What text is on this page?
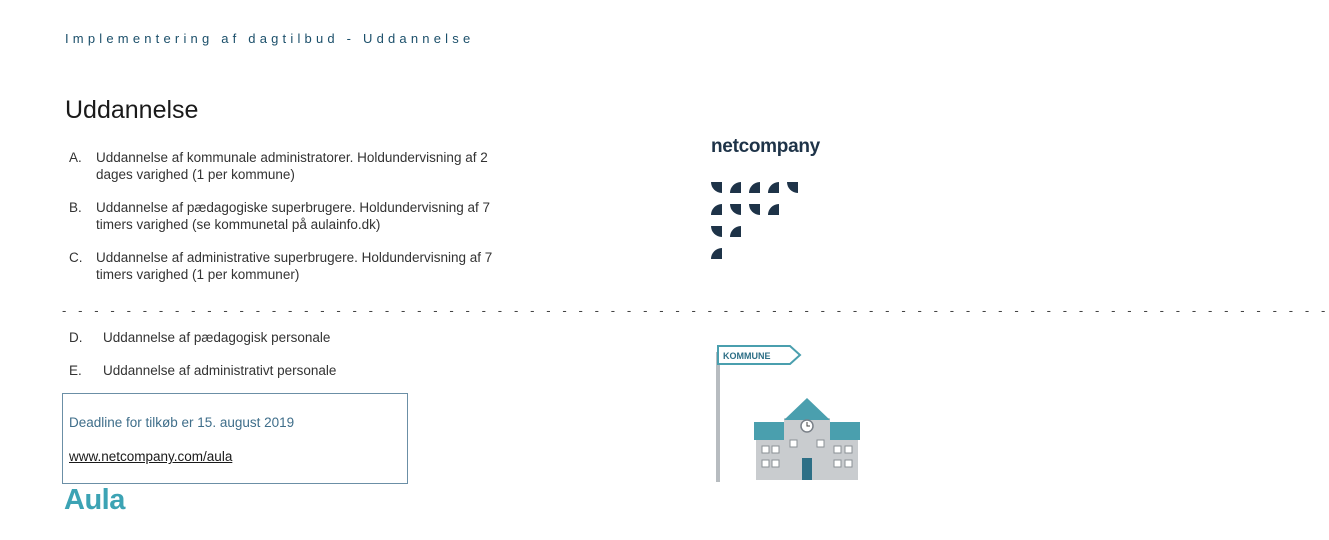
Implementering af dagtilbud - Uddannelse
Uddannelse
A. Uddannelse af kommunale administratorer. Holdundervisning af 2
dages varighed (1 per kommune)
B. Uddannelse af pædagogiske superbrugere. Holdundervisning af 7
timers varighed (se kommunetal på aulainfo.dk)
C. Uddannelse af administrative superbrugere. Holdundervisning af 7
timers varighed (1 per kommuner)
- - - - - - - - - - - - - - - - - - - - - - - - - - - - - - - - - - - - - - - - - - - - - - - - - - - - - - - - - - - - - - - - - - - - - - - - - - - - - - -
D. Uddannelse af pædagogisk personale
E. Uddannelse af administrativt personale
Deadline for tilkøb er 15. august 2019
www.netcompany.com/aula
Aula
netcompany
KOMMUNE
